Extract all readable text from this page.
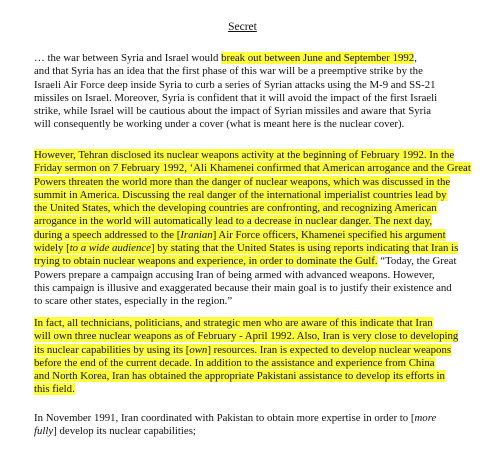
Secret
… the war between Syria and Israel would break out between June and September 1992,
and that Syria has an idea that the first phase of this war will be a preemptive strike by the
Israeli Air Force deep inside Syria to curb a series of Syrian attacks using the M-9 and SS-21
missiles on Israel. Moreover, Syria is confident that it will avoid the impact of the first Israeli
strike, while Israel will be cautious about the impact of Syrian missiles and aware that Syria
will consequently be working under a cover (what is meant here is the nuclear cover).
However, Tehran disclosed its nuclear weapons activity at the beginning of February 1992. In the
Friday sermon on 7 February 1992, ‘Ali Khamenei confirmed that American arrogance and the Great
Powers threaten the world more than the danger of nuclear weapons, which was discussed in the
summit in America. Discussing the real danger of the international imperialist countries lead by
the United States, which the developing countries are confronting, and recognizing American
arrogance in the world will automatically lead to a decrease in nuclear danger. The next day,
during a speech addressed to the [Iranian] Air Force officers, Khamenei specified his argument
widely [to a wide audience] by stating that the United States is using reports indicating that Iran is
trying to obtain nuclear weapons and experience, in order to dominate the Gulf. “Today, the Great
Powers prepare a campaign accusing Iran of being armed with advanced weapons. However,
this campaign is illusive and exaggerated because their main goal is to justify their existence and
to scare other states, especially in the region.”
In fact, all technicians, politicians, and strategic men who are aware of this indicate that Iran
will own three nuclear weapons as of February - April 1992. Also, Iran is very close to developing
its nuclear capabilities by using its [own] resources. Iran is expected to develop nuclear weapons
before the end of the current decade. In addition to the assistance and experience from China
and North Korea, Iran has obtained the appropriate Pakistani assistance to develop its efforts in
this field.
In November 1991, Iran coordinated with Pakistan to obtain more expertise in order to [more
fully] develop its nuclear capabilities;
